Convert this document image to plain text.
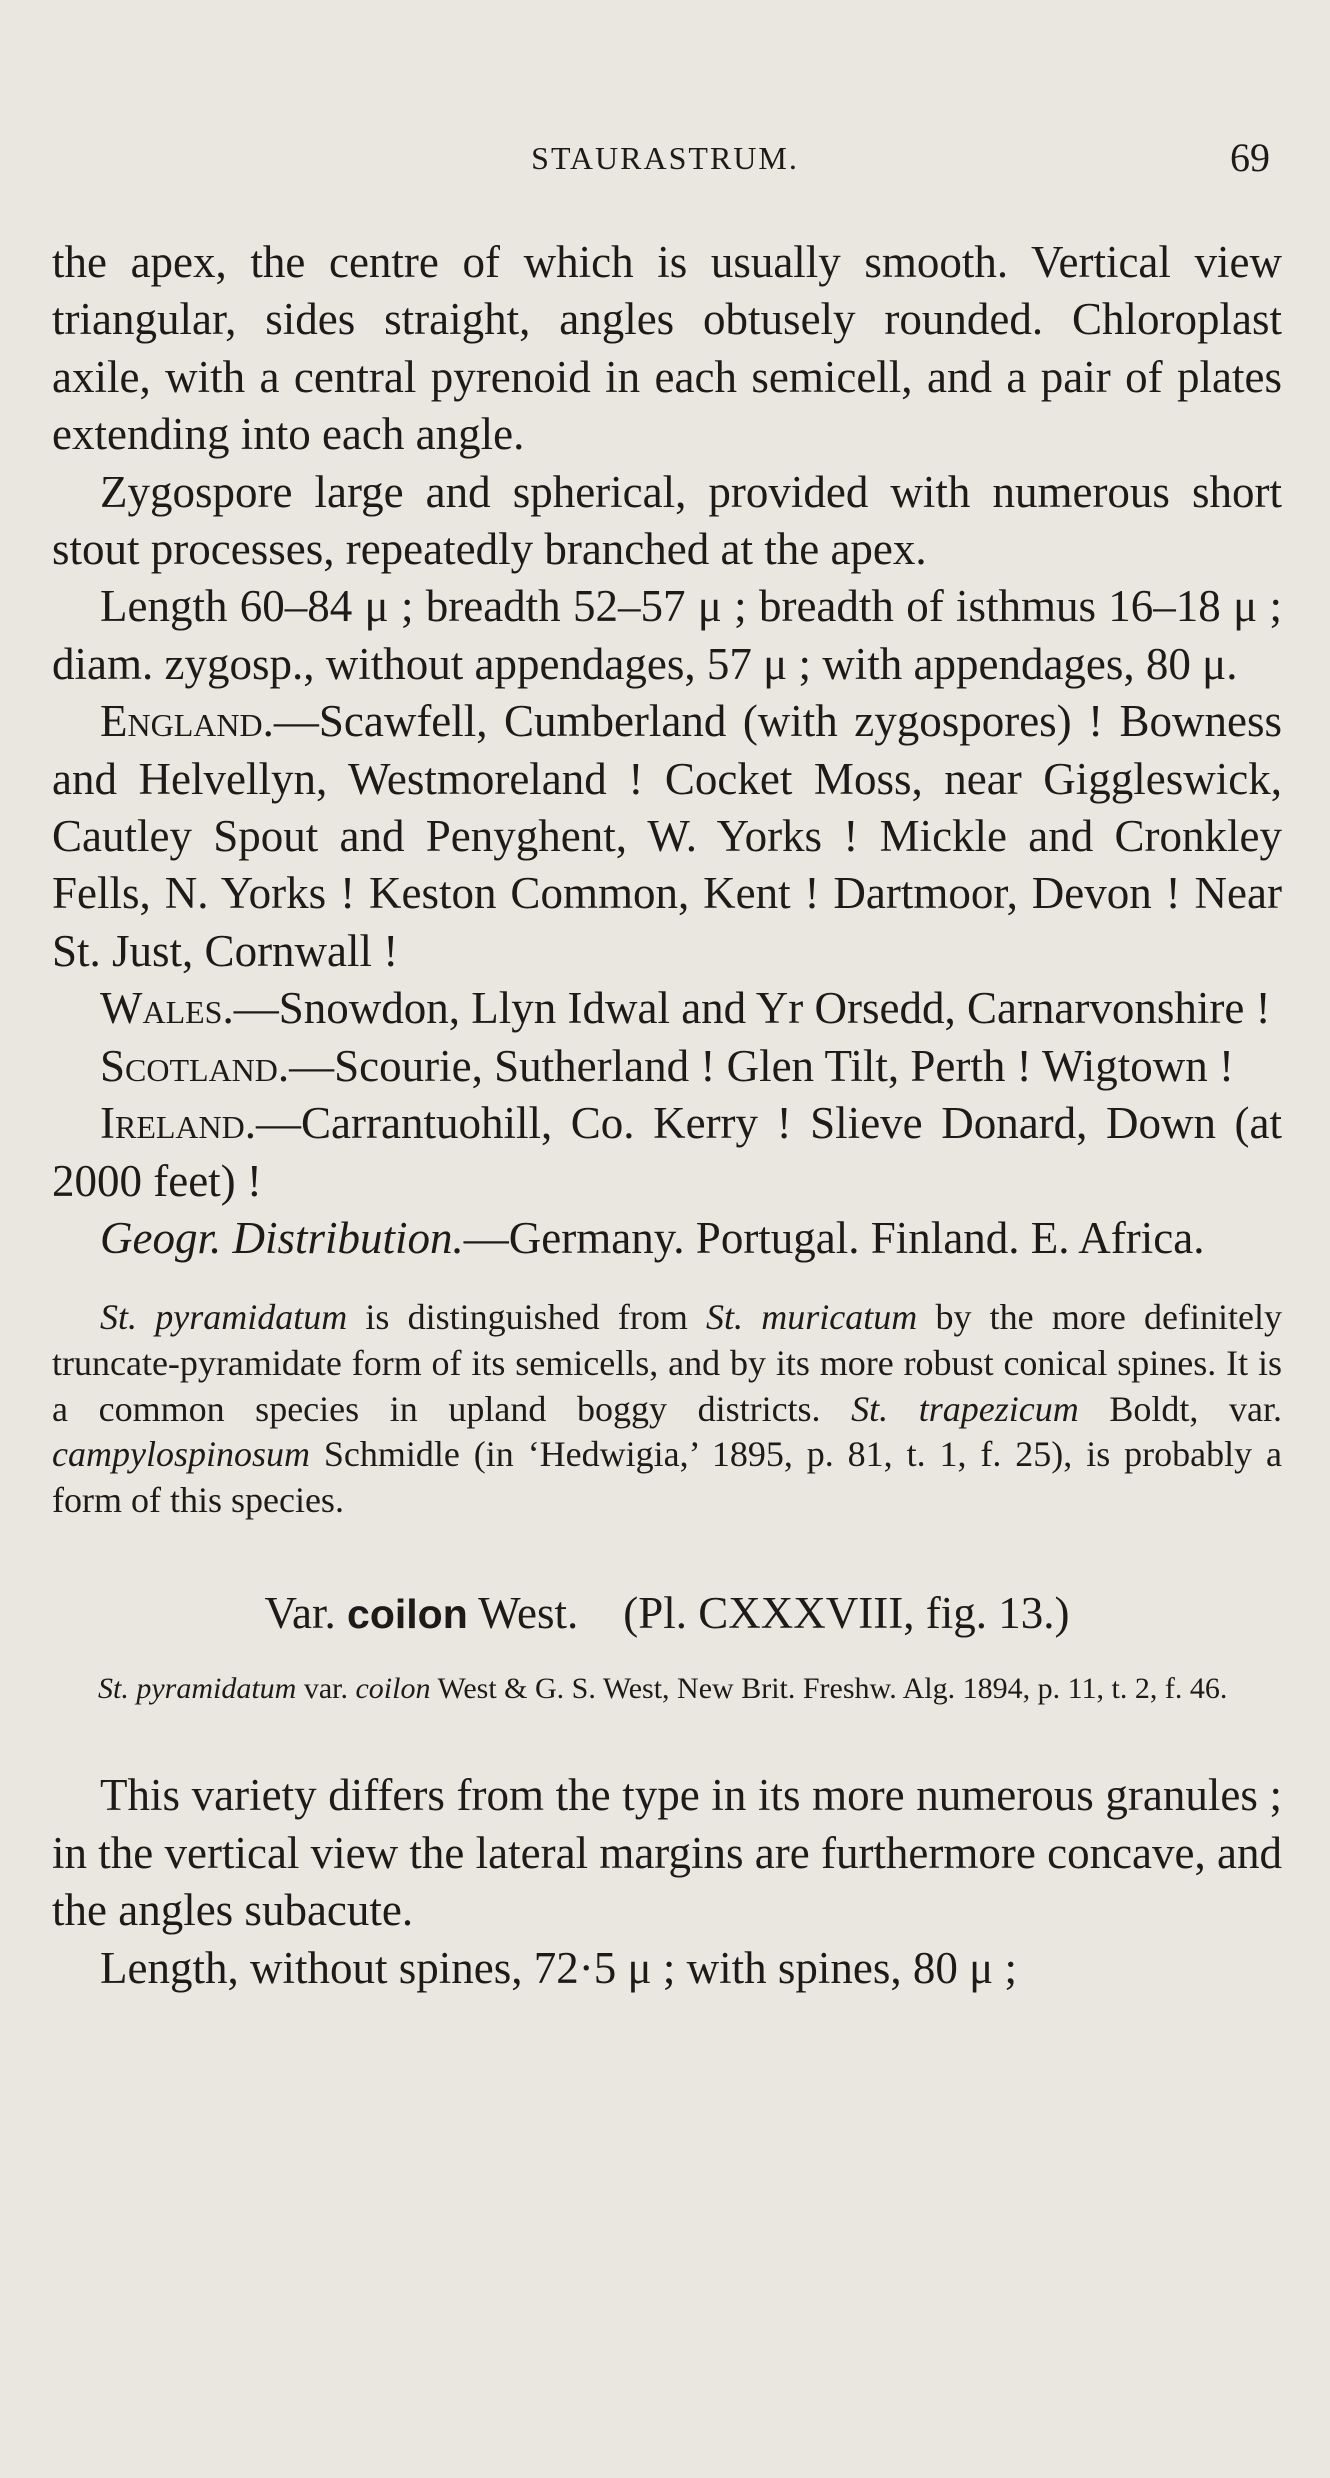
STAURASTRUM.	69

the apex, the centre of which is usually smooth. Vertical view triangular, sides straight, angles obtusely rounded. Chloroplast axile, with a central pyrenoid in each semicell, and a pair of plates extending into each angle.

Zygospore large and spherical, provided with numerous short stout processes, repeatedly branched at the apex.

Length 60–84 μ ; breadth 52–57 μ ; breadth of isthmus 16–18 μ ; diam. zygosp., without appendages, 57 μ ; with appendages, 80 μ.

England.—Scawfell, Cumberland (with zygospores) ! Bowness and Helvellyn, Westmoreland ! Cocket Moss, near Giggleswick, Cautley Spout and Penyghent, W. Yorks ! Mickle and Cronkley Fells, N. Yorks ! Keston Common, Kent ! Dartmoor, Devon ! Near St. Just, Cornwall !

Wales.—Snowdon, Llyn Idwal and Yr Orsedd, Carnarvonshire !

Scotland.—Scourie, Sutherland ! Glen Tilt, Perth ! Wigtown !

Ireland.—Carrantuohill, Co. Kerry ! Slieve Donard, Down (at 2000 feet) !

Geogr. Distribution.—Germany. Portugal. Finland. E. Africa.

St. pyramidatum is distinguished from St. muricatum by the more definitely truncate-pyramidate form of its semicells, and by its more robust conical spines. It is a common species in upland boggy districts. St. trapezicum Boldt, var. campylospinosum Schmidle (in ‘Hedwigia,’ 1895, p. 81, t. 1, f. 25), is probably a form of this species.

Var. coilon West. (Pl. CXXXVIII, fig. 13.)

St. pyramidatum var. coilon West & G. S. West, New Brit. Freshw. Alg. 1894, p. 11, t. 2, f. 46.

This variety differs from the type in its more numerous granules ; in the vertical view the lateral margins are furthermore concave, and the angles subacute.

Length, without spines, 72·5 μ ; with spines, 80 μ ;
